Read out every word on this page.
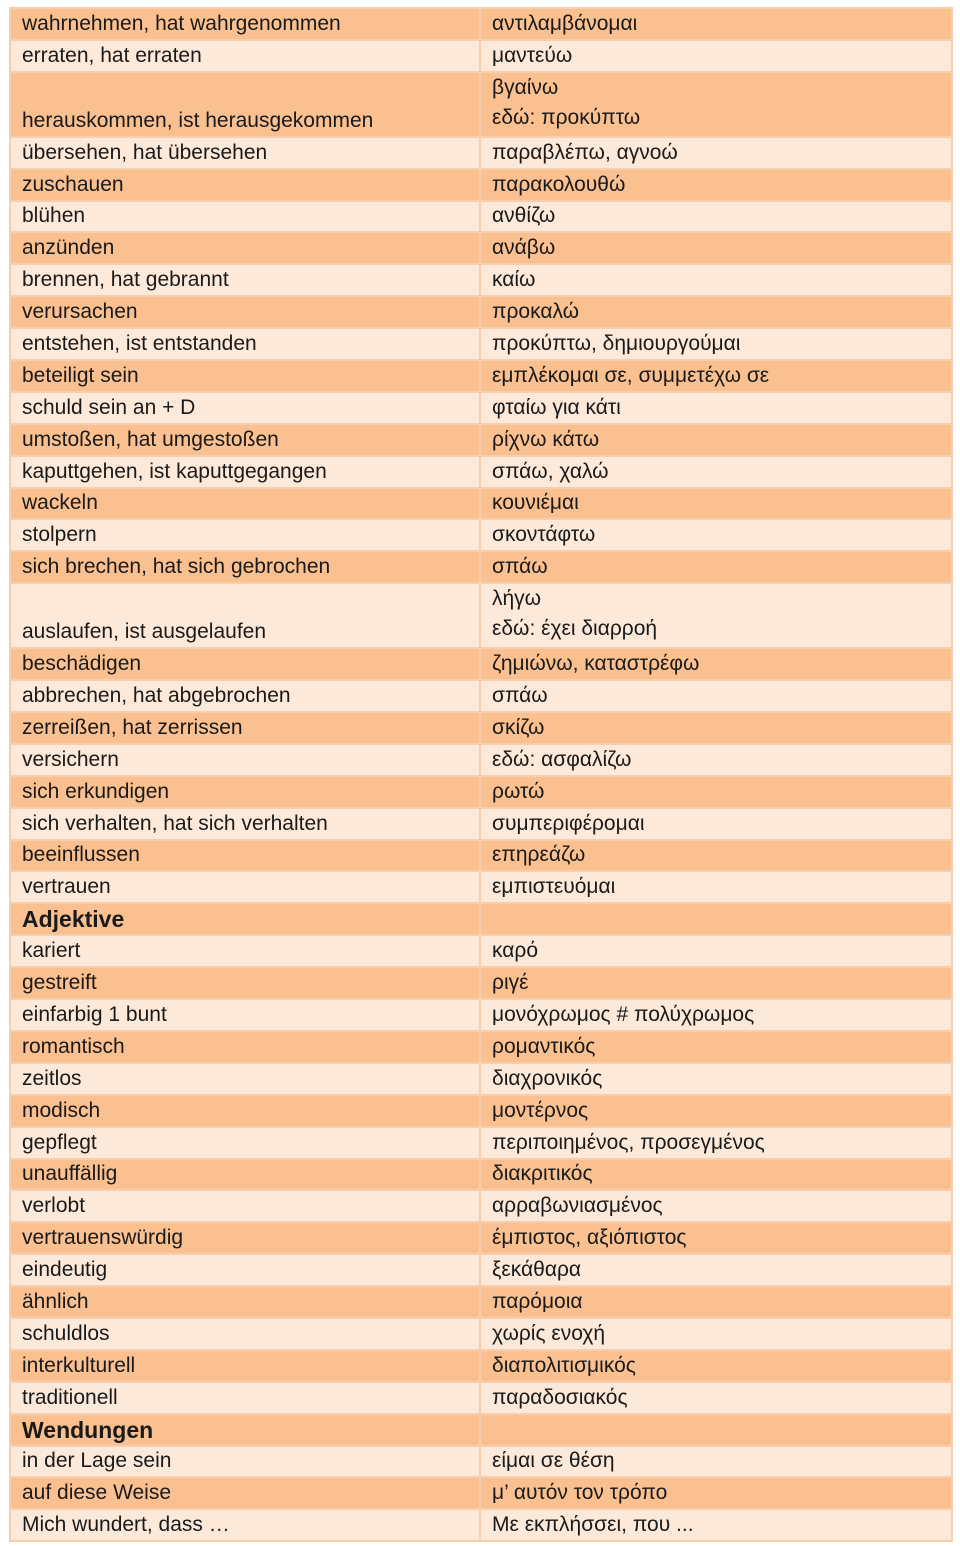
wahrnehmen, hat wahrgenommen	αντιλαμβάνομαι

erraten, hat erraten	μαντεύω

herauskommen, ist herausgekommen	βγαίνω
εδώ: προκύπτω

übersehen, hat übersehen	παραβλέπω, αγνοώ

zuschauen	παρακολουθώ

blühen	ανθίζω

anzünden	ανάβω

brennen, hat gebrannt	καίω

verursachen	προκαλώ

entstehen, ist entstanden	προκύπτω, δημιουργούμαι

beteiligt sein	εμπλέκομαι σε, συμμετέχω σε

schuld sein an + D	φταίω για κάτι

umstoßen, hat umgestoßen	ρίχνω κάτω

kaputtgehen, ist kaputtgegangen	σπάω, χαλώ

wackeln	κουνιέμαι

stolpern	σκοντάφτω

sich brechen, hat sich gebrochen	σπάω

auslaufen, ist ausgelaufen	λήγω
εδώ: έχει διαρροή

beschädigen	ζημιώνω, καταστρέφω

abbrechen, hat abgebrochen	σπάω

zerreißen, hat zerrissen	σκίζω

versichern	εδώ: ασφαλίζω

sich erkundigen	ρωτώ

sich verhalten, hat sich verhalten	συμπεριφέρομαι

beeinflussen	επηρεάζω

vertrauen	εμπιστευόμαι

Adjektive	

kariert	καρό

gestreift	ριγέ

einfarbig 1 bunt	μονόχρωμος # πολύχρωμος

romantisch	ρομαντικός

zeitlos	διαχρονικός

modisch	μοντέρνος

gepflegt	περιποιημένος, προσεγμένος

unauffällig	διακριτικός

verlobt	αρραβωνιασμένος

vertrauenswürdig	έμπιστος, αξιόπιστος

eindeutig	ξεκάθαρα

ähnlich	παρόμοια

schuldlos	χωρίς ενοχή

interkulturell	διαπολιτισμικός

traditionell	παραδοσιακός

Wendungen	

in der Lage sein	είμαι σε θέση

auf diese Weise	μ’ αυτόν τον τρόπο

Mich wundert, dass …	Με εκπλήσσει, που ...
